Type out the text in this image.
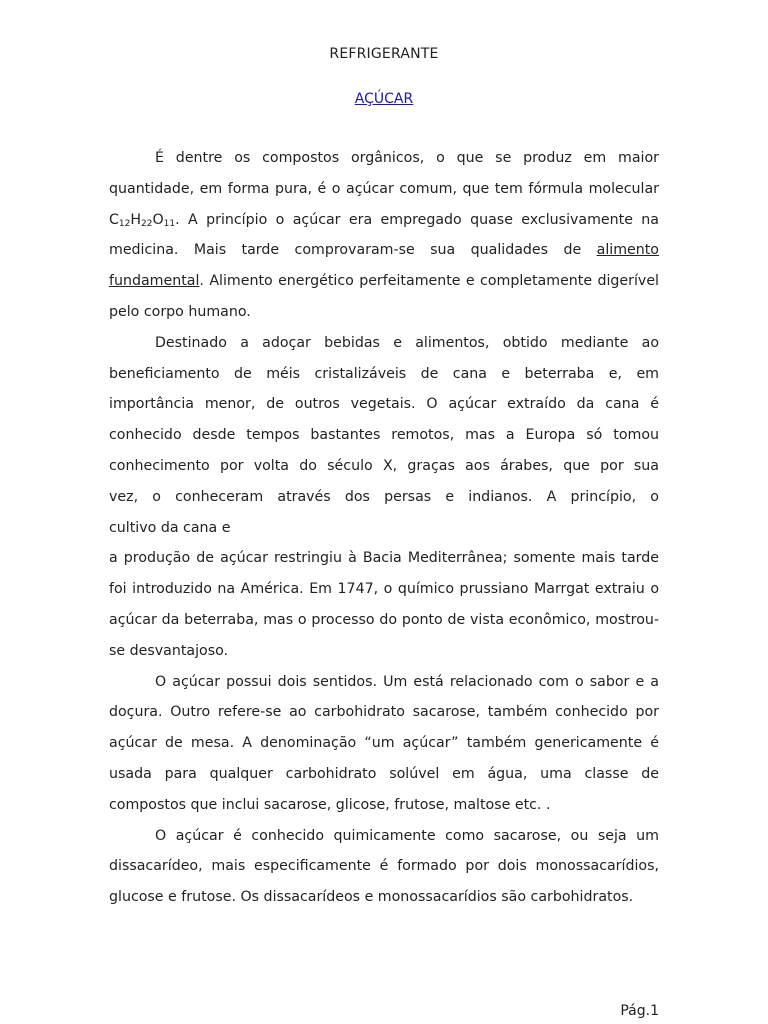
REFRIGERANTE
AÇÚCAR

É dentre os compostos orgânicos, o que se produz em maior quantidade, em forma pura, é o açúcar comum, que tem fórmula molecular $C_{12}H_{22}O_{11}$. A princípio o açúcar era empregado quase exclusivamente na medicina. Mais tarde comprovaram-se sua qualidades de alimento fundamental. Alimento energético perfeitamente e completamente digerível pelo corpo humano.

Destinado a adoçar bebidas e alimentos, obtido mediante ao
beneficiamento de méis cristalizáveis de cana e beterraba e, em
importância menor, de outros vegetais. O açúcar extraído da cana é
conhecido desde tempos bastantes remotos, mas a Europa só tomou
conhecimento por volta do século X, graças aos árabes, que por sua
vez, o conheceram através dos persas e indianos. A princípio, o
cultivo da cana e

a produção de açúcar restringiu à Bacia Mediterrânea; somente mais tarde foi introduzido na América. Em 1747, o químico prussiano Marrgat extraiu o açúcar da beterraba, mas o processo do ponto de vista econômico, mostrou-se desvantajoso.

O açúcar possui dois sentidos. Um está relacionado com o sabor e a doçura. Outro refere-se ao carbohidrato sacarose, também conhecido por açúcar de mesa. A denominação “um açúcar” também genericamente é usada para qualquer carbohidrato solúvel em água, uma classe de compostos que inclui sacarose, glicose, frutose, maltose etc. .

O açúcar é conhecido quimicamente como sacarose, ou seja um dissacarídeo, mais especificamente é formado por dois monossacarídios, glucose e frutose. Os dissacarídeos e monossacarídios são carbohidratos.

Pág.1
